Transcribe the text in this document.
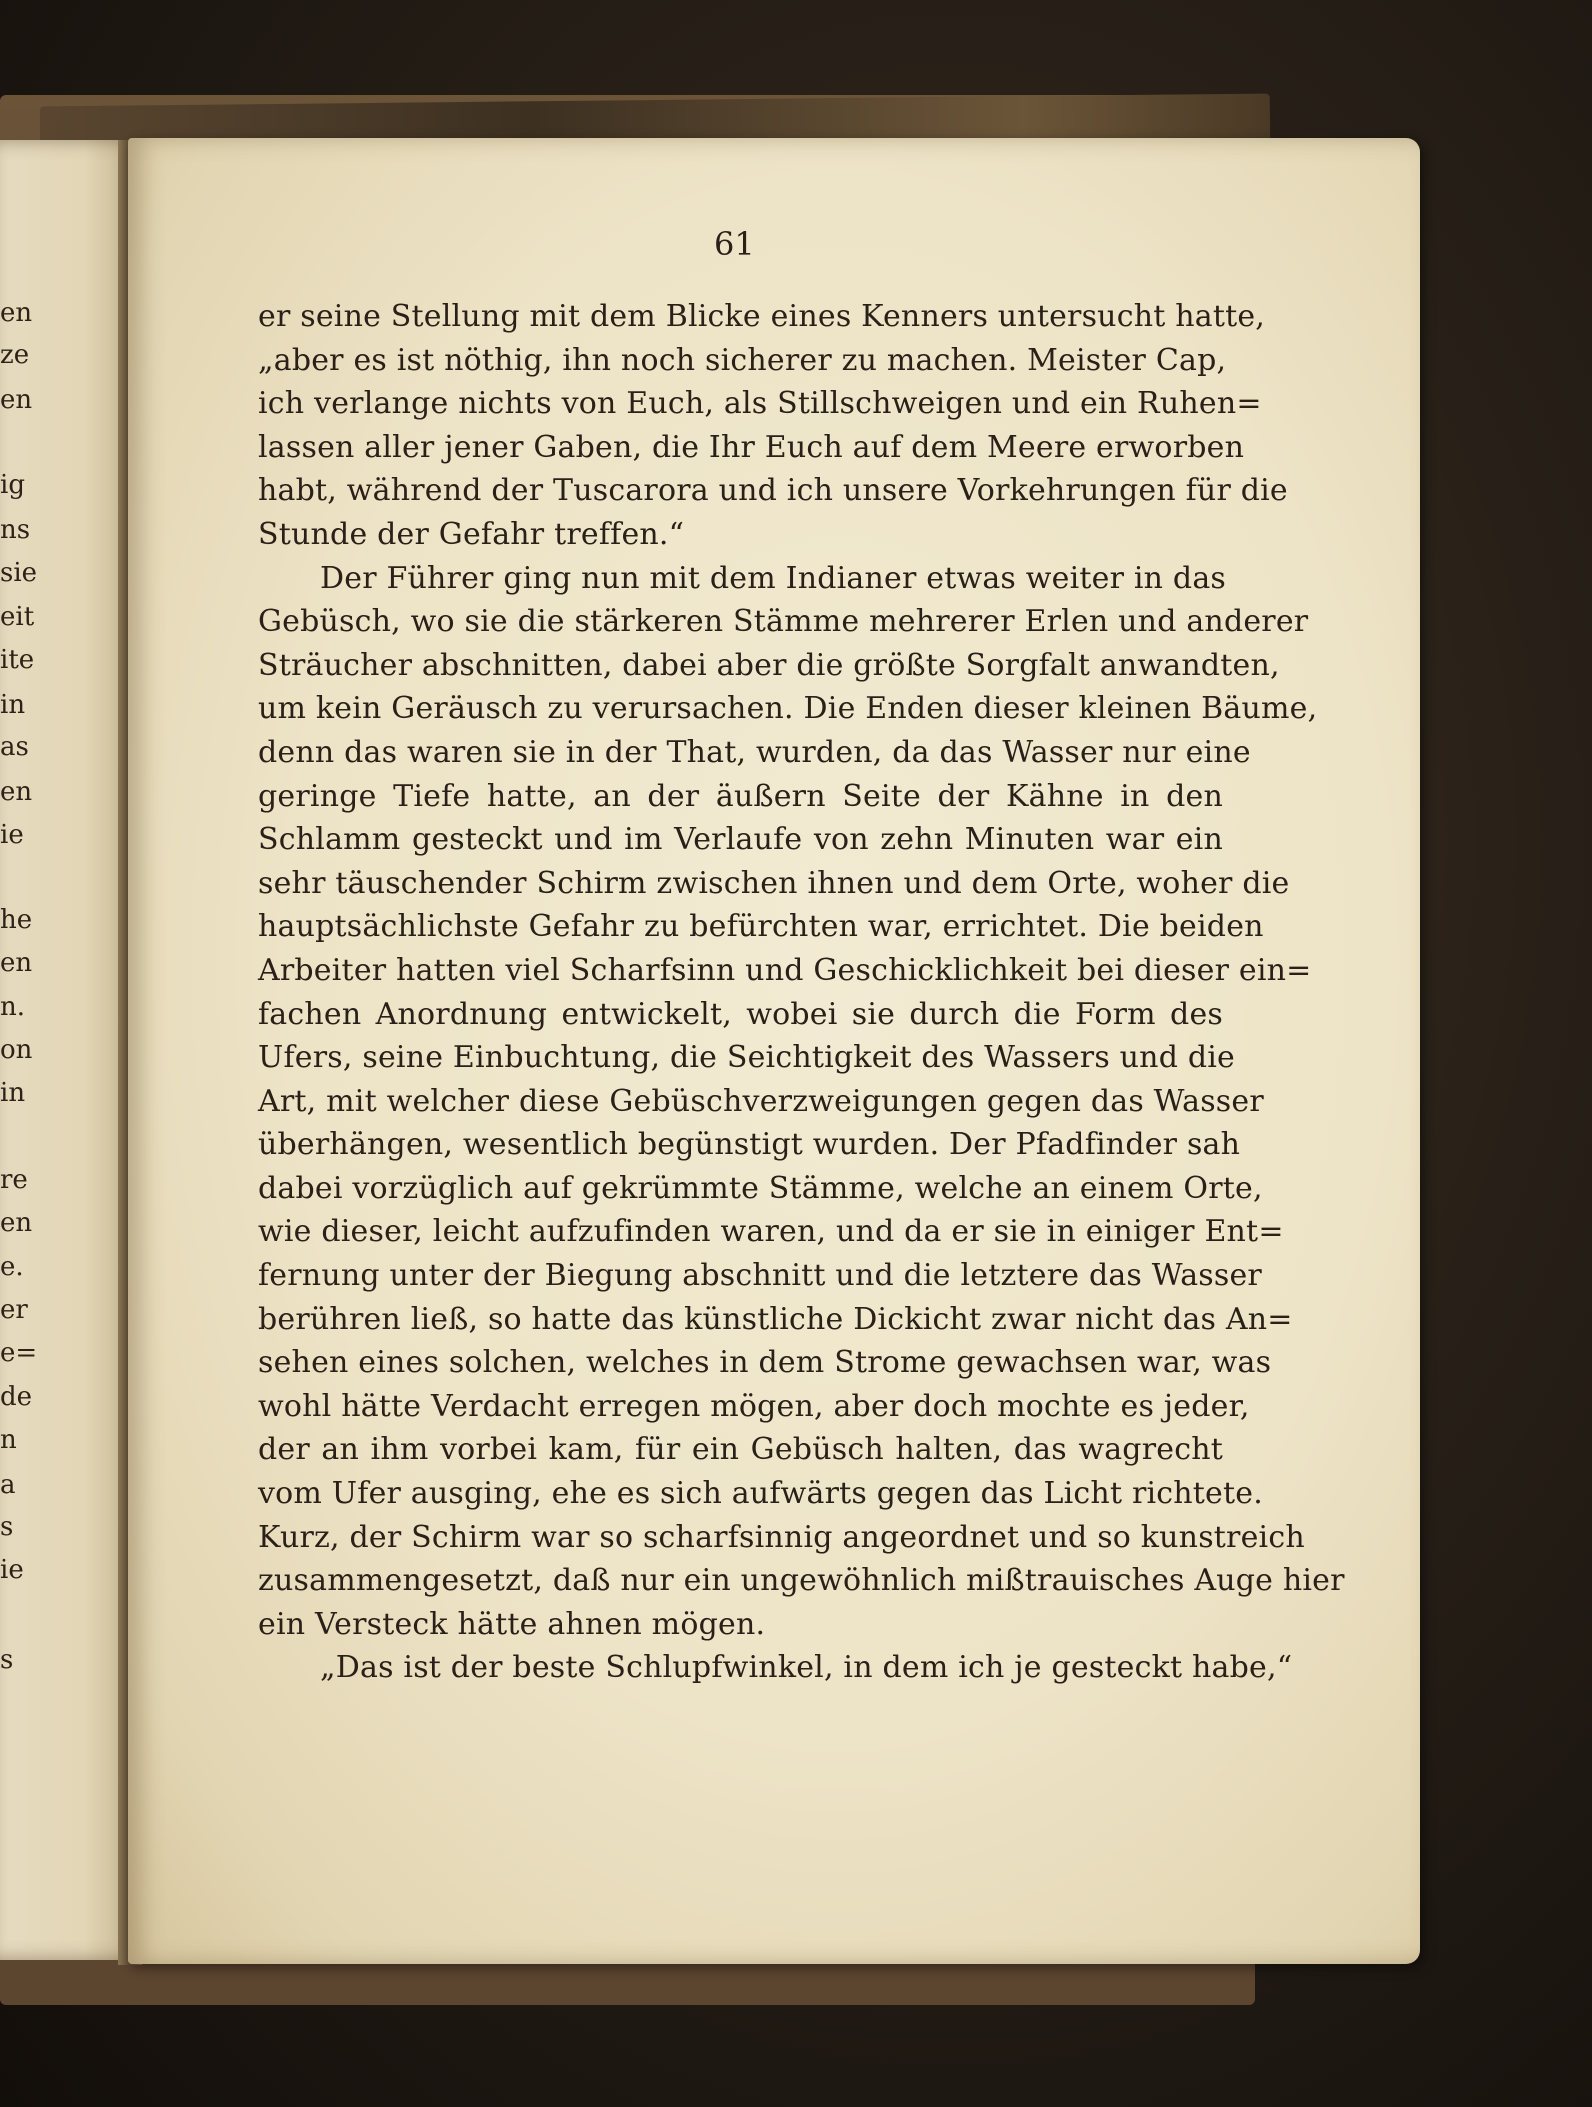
61
er seine Stellung mit dem Blicke eines Kenners untersucht hatte,
„aber es ist nöthig, ihn noch sicherer zu machen. Meister Cap,
ich verlange nichts von Euch, als Stillschweigen und ein Ruhen=
lassen aller jener Gaben, die Ihr Euch auf dem Meere erworben
habt, während der Tuscarora und ich unsere Vorkehrungen für die
Stunde der Gefahr treffen.“
Der Führer ging nun mit dem Indianer etwas weiter in das
Gebüsch, wo sie die stärkeren Stämme mehrerer Erlen und anderer
Sträucher abschnitten, dabei aber die größte Sorgfalt anwandten,
um kein Geräusch zu verursachen. Die Enden dieser kleinen Bäume,
denn das waren sie in der That, wurden, da das Wasser nur eine
geringe Tiefe hatte, an der äußern Seite der Kähne in den
Schlamm gesteckt und im Verlaufe von zehn Minuten war ein
sehr täuschender Schirm zwischen ihnen und dem Orte, woher die
hauptsächlichste Gefahr zu befürchten war, errichtet. Die beiden
Arbeiter hatten viel Scharfsinn und Geschicklichkeit bei dieser ein=
fachen Anordnung entwickelt, wobei sie durch die Form des
Ufers, seine Einbuchtung, die Seichtigkeit des Wassers und die
Art, mit welcher diese Gebüschverzweigungen gegen das Wasser
überhängen, wesentlich begünstigt wurden. Der Pfadfinder sah
dabei vorzüglich auf gekrümmte Stämme, welche an einem Orte,
wie dieser, leicht aufzufinden waren, und da er sie in einiger Ent=
fernung unter der Biegung abschnitt und die letztere das Wasser
berühren ließ, so hatte das künstliche Dickicht zwar nicht das An=
sehen eines solchen, welches in dem Strome gewachsen war, was
wohl hätte Verdacht erregen mögen, aber doch mochte es jeder,
der an ihm vorbei kam, für ein Gebüsch halten, das wagrecht
vom Ufer ausging, ehe es sich aufwärts gegen das Licht richtete.
Kurz, der Schirm war so scharfsinnig angeordnet und so kunstreich
zusammengesetzt, daß nur ein ungewöhnlich mißtrauisches Auge hier
ein Versteck hätte ahnen mögen.
„Das ist der beste Schlupfwinkel, in dem ich je gesteckt habe,“
en
ze
en
ig
ns
sie
eit
ite
in
as
en
ie
he
en
n.
on
in
re
en
e.
er
e=
de
n
a
s
ie
s
